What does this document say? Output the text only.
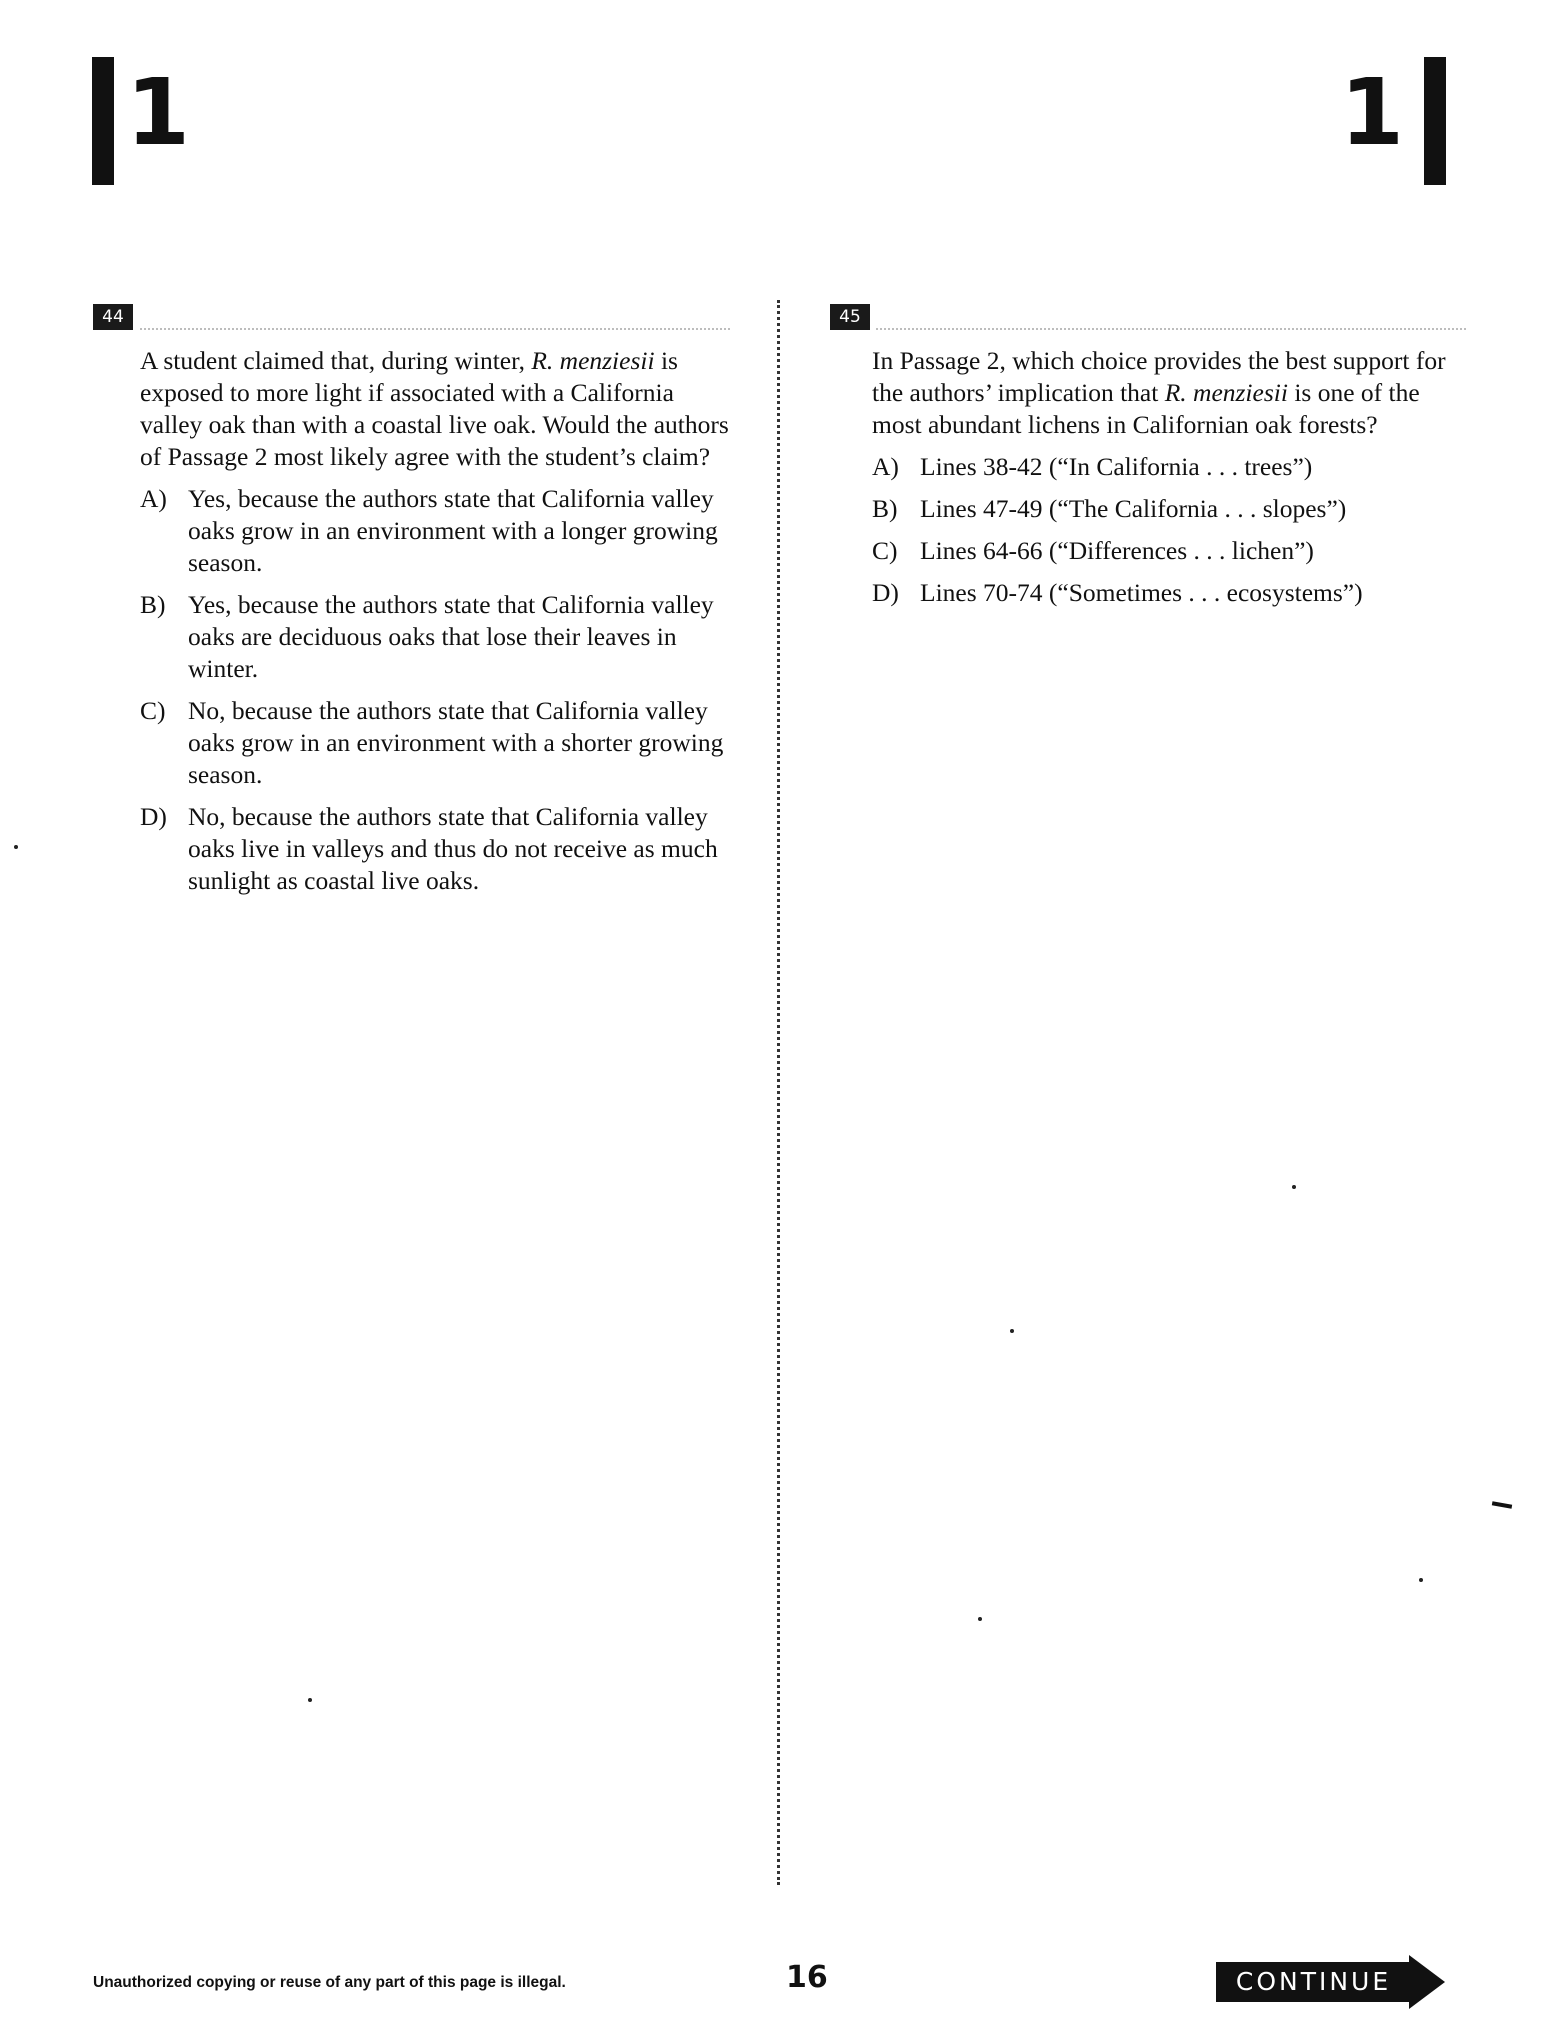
1	1
44

A student claimed that, during winter, R. menziesii is exposed to more light if associated with a California valley oak than with a coastal live oak. Would the authors of Passage 2 most likely agree with the student’s claim?

A) Yes, because the authors state that California valley oaks grow in an environment with a longer growing season.
B) Yes, because the authors state that California valley oaks are deciduous oaks that lose their leaves in winter.
C) No, because the authors state that California valley oaks grow in an environment with a shorter growing season.
D) No, because the authors state that California valley oaks live in valleys and thus do not receive as much sunlight as coastal live oaks.
45

In Passage 2, which choice provides the best support for the authors’ implication that R. menziesii is one of the most abundant lichens in Californian oak forests?

A) Lines 38-42 (“In California . . . trees”)
B) Lines 47-49 (“The California . . . slopes”)
C) Lines 64-66 (“Differences . . . lichen”)
D) Lines 70-74 (“Sometimes . . . ecosystems”)
Unauthorized copying or reuse of any part of this page is illegal.	16	CONTINUE
